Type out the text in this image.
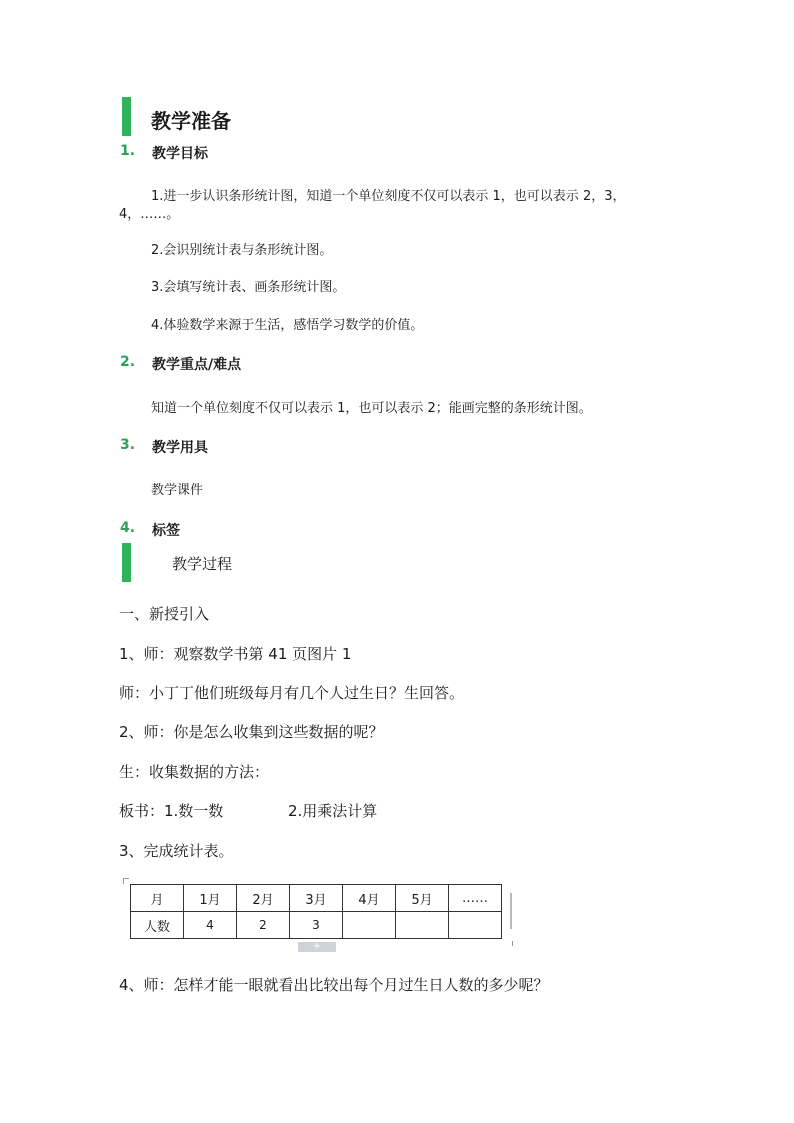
教学准备
1. 教学目标
1.进一步认识条形统计图，知道一个单位刻度不仅可以表示 1，也可以表示 2，3，
4，……。
2.会识别统计表与条形统计图。
3.会填写统计表、画条形统计图。
4.体验数学来源于生活，感悟学习数学的价值。
2. 教学重点/难点
知道一个单位刻度不仅可以表示 1，也可以表示 2；能画完整的条形统计图。
3. 教学用具
教学课件
4. 标签
教学过程
一、新授引入
1、师：观察数学书第 41 页图片 1
师：小丁丁他们班级每月有几个人过生日？生回答。
2、师：你是怎么收集到这些数据的呢？
生：收集数据的方法：
板书：1.数一数	2.用乘法计算
3、完成统计表。
月	1月	2月	3月	4月	5月	……
人数	4	2	3			
+
4、师：怎样才能一眼就看出比较出每个月过生日人数的多少呢？
